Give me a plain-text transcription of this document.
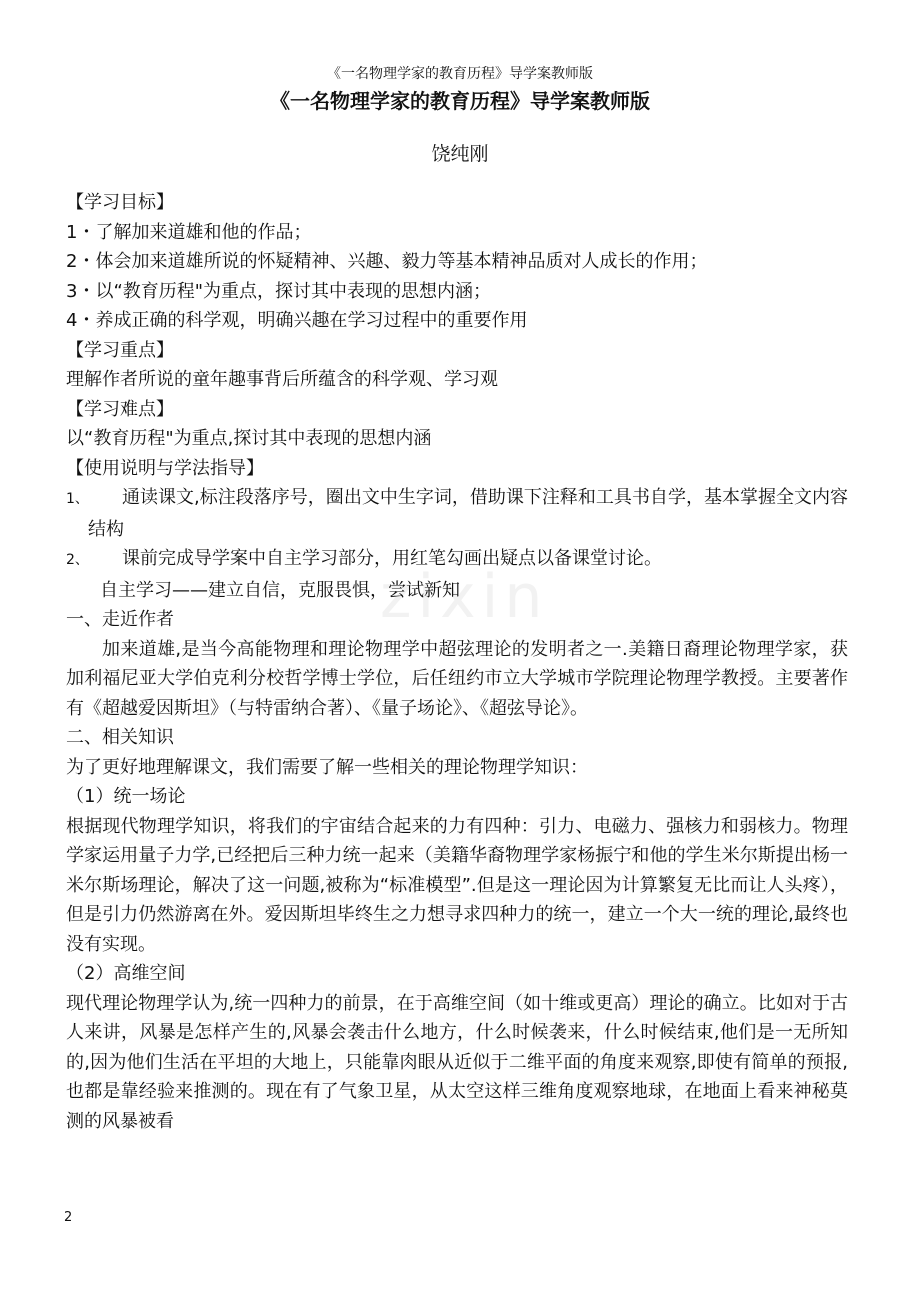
《一名物理学家的教育历程》导学案教师版
《一名物理学家的教育历程》导学案教师版
饶纯刚
zixin

【学习目标】

1・了解加来道雄和他的作品；

2・体会加来道雄所说的怀疑精神、兴趣、毅力等基本精神品质对人成长的作用；

3・以“教育历程"为重点，探讨其中表现的思想内涵；

4・养成正确的科学观，明确兴趣在学习过程中的重要作用

【学习重点】

理解作者所说的童年趣事背后所蕴含的科学观、学习观

【学习难点】

以“教育历程"为重点,探讨其中表现的思想内涵

【使用说明与学法指导】

1、 通读课文,标注段落序号，圈出文中生字词，借助课下注释和工具书自学，基本掌握全文内容结构

2、 课前完成导学案中自主学习部分，用红笔勾画出疑点以备课堂讨论。

自主学习——建立自信，克服畏惧，尝试新知

一、走近作者

加来道雄,是当今高能物理和理论物理学中超弦理论的发明者之一.美籍日裔理论物理学家，获加利福尼亚大学伯克利分校哲学博士学位，后任纽约市立大学城市学院理论物理学教授。主要著作有《超越爱因斯坦》（与特雷纳合著）、《量子场论》、《超弦导论》。

二、相关知识

为了更好地理解课文，我们需要了解一些相关的理论物理学知识：

（1）统一场论

根据现代物理学知识，将我们的宇宙结合起来的力有四种：引力、电磁力、强核力和弱核力。物理学家运用量子力学,已经把后三种力统一起来（美籍华裔物理学家杨振宁和他的学生米尔斯提出杨一米尔斯场理论，解决了这一问题,被称为“标准模型”.但是这一理论因为计算繁复无比而让人头疼），但是引力仍然游离在外。爱因斯坦毕终生之力想寻求四种力的统一，建立一个大一统的理论,最终也没有实现。

（2）高维空间

现代理论物理学认为,统一四种力的前景，在于高维空间（如十维或更高）理论的确立。比如对于古人来讲，风暴是怎样产生的,风暴会袭击什么地方，什么时候袭来，什么时候结束,他们是一无所知的,因为他们生活在平坦的大地上，只能靠肉眼从近似于二维平面的角度来观察,即使有简单的预报,也都是靠经验来推测的。现在有了气象卫星，从太空这样三维角度观察地球，在地面上看来神秘莫测的风暴被看

2
